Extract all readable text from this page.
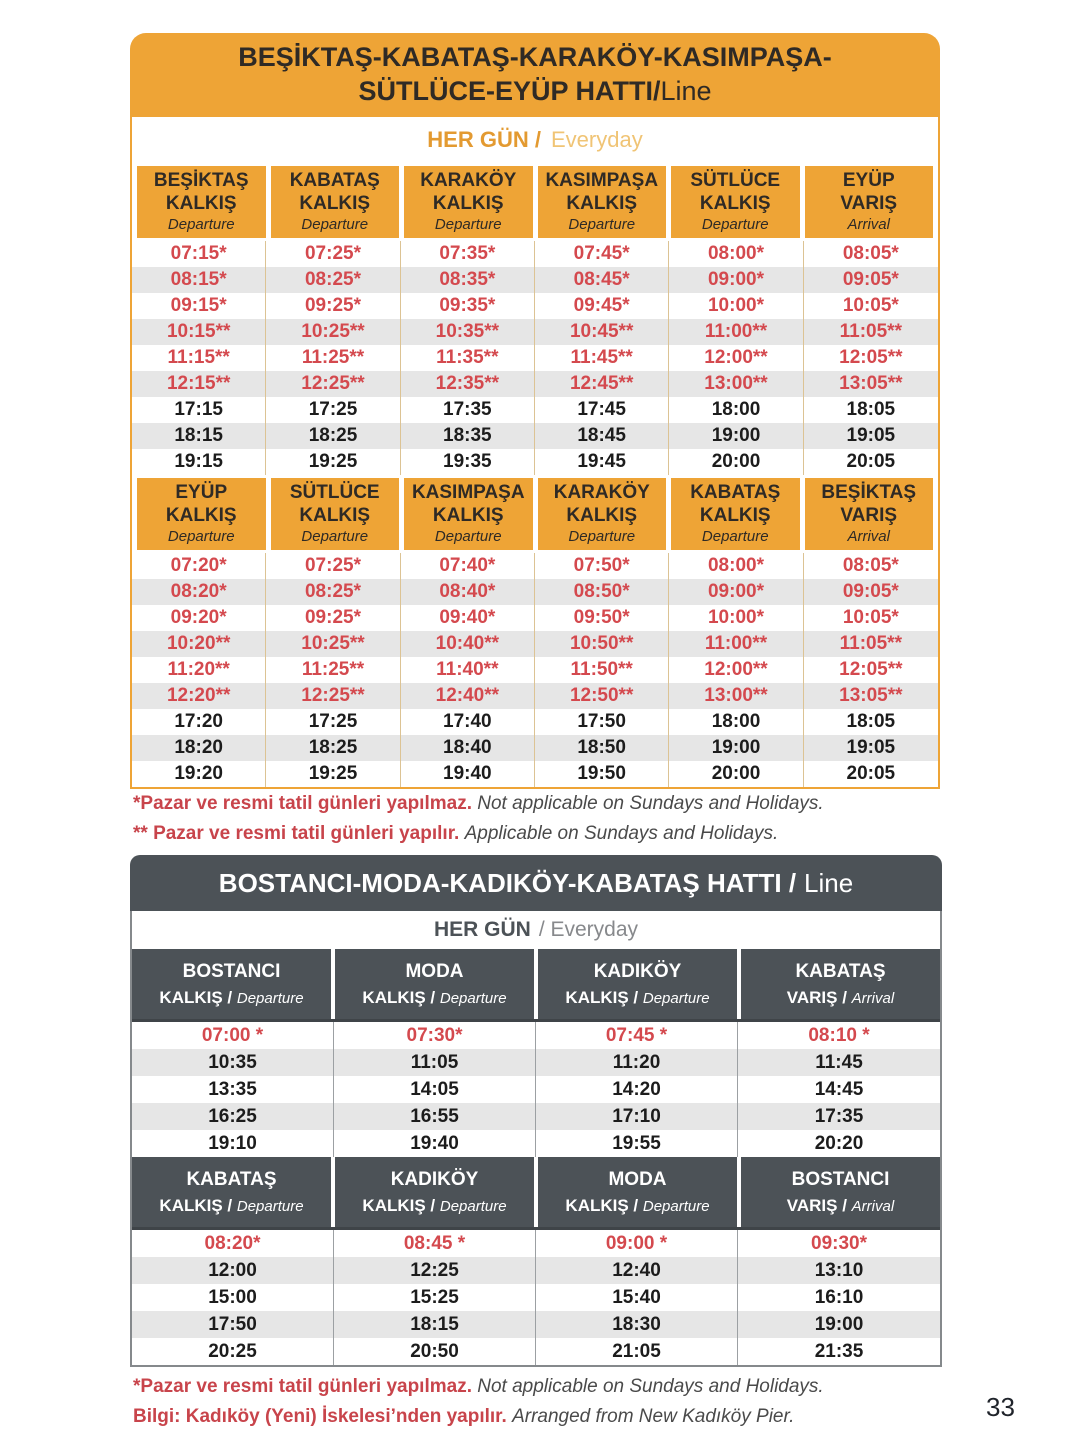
BEŞİKTAŞ-KABATAŞ-KARAKÖY-KASIMPAŞA-
SÜTLÜCE-EYÜP HATTI/Line
HER GÜN / Everyday
BEŞİKTAŞ
KALKIŞ
Departure
KABATAŞ
KALKIŞ
Departure
KARAKÖY
KALKIŞ
Departure
KASIMPAŞA
KALKIŞ
Departure
SÜTLÜCE
KALKIŞ
Departure
EYÜP
VARIŞ
Arrival
07:15*	07:25*	07:35*	07:45*	08:00*	08:05*
08:15*	08:25*	08:35*	08:45*	09:00*	09:05*
09:15*	09:25*	09:35*	09:45*	10:00*	10:05*
10:15**	10:25**	10:35**	10:45**	11:00**	11:05**
11:15**	11:25**	11:35**	11:45**	12:00**	12:05**
12:15**	12:25**	12:35**	12:45**	13:00**	13:05**
17:15	17:25	17:35	17:45	18:00	18:05
18:15	18:25	18:35	18:45	19:00	19:05
19:15	19:25	19:35	19:45	20:00	20:05
EYÜP
KALKIŞ
Departure
SÜTLÜCE
KALKIŞ
Departure
KASIMPAŞA
KALKIŞ
Departure
KARAKÖY
KALKIŞ
Departure
KABATAŞ
KALKIŞ
Departure
BEŞİKTAŞ
VARIŞ
Arrival
07:20*	07:25*	07:40*	07:50*	08:00*	08:05*
08:20*	08:25*	08:40*	08:50*	09:00*	09:05*
09:20*	09:25*	09:40*	09:50*	10:00*	10:05*
10:20**	10:25**	10:40**	10:50**	11:00**	11:05**
11:20**	11:25**	11:40**	11:50**	12:00**	12:05**
12:20**	12:25**	12:40**	12:50**	13:00**	13:05**
17:20	17:25	17:40	17:50	18:00	18:05
18:20	18:25	18:40	18:50	19:00	19:05
19:20	19:25	19:40	19:50	20:00	20:05
*Pazar ve resmi tatil günleri yapılmaz. Not applicable on Sundays and Holidays.
** Pazar ve resmi tatil günleri yapılır. Applicable on Sundays and Holidays.
BOSTANCI-MODA-KADIKÖY-KABATAŞ HATTI / Line
HER GÜN / Everyday
BOSTANCI
KALKIŞ / Departure
MODA
KALKIŞ / Departure
KADIKÖY
KALKIŞ / Departure
KABATAŞ
VARIŞ / Arrival
07:00 *	07:30*	07:45 *	08:10 *
10:35	11:05	11:20	11:45
13:35	14:05	14:20	14:45
16:25	16:55	17:10	17:35
19:10	19:40	19:55	20:20
KABATAŞ
KALKIŞ / Departure
KADIKÖY
KALKIŞ / Departure
MODA
KALKIŞ / Departure
BOSTANCI
VARIŞ / Arrival
08:20*	08:45 *	09:00 *	09:30*
12:00	12:25	12:40	13:10
15:00	15:25	15:40	16:10
17:50	18:15	18:30	19:00
20:25	20:50	21:05	21:35
*Pazar ve resmi tatil günleri yapılmaz. Not applicable on Sundays and Holidays.
Bilgi: Kadıköy (Yeni) İskelesi’nden yapılır. Arranged from New Kadıköy Pier.	33
